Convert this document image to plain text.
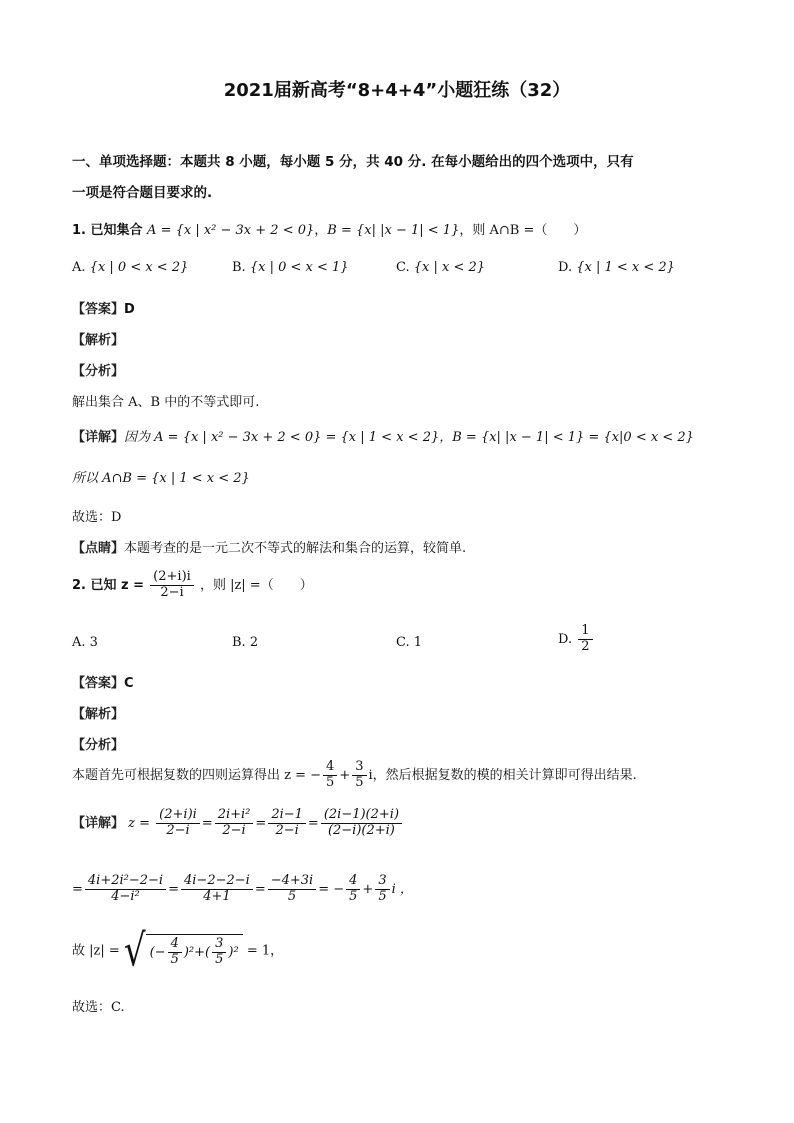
2021届新高考“8+4+4”小题狂练（32）
一、单项选择题：本题共 8 小题，每小题 5 分，共 40 分. 在每小题给出的四个选项中，只有
一项是符合题目要求的.
1. 已知集合 A = {x | x² − 3x + 2 < 0}，B = {x| |x − 1| < 1}，则 A∩B =（　　）
A. {x | 0 < x < 2}	B. {x | 0 < x < 1}	C. {x | x < 2}	D. {x | 1 < x < 2}
【答案】D
【解析】
【分析】
解出集合 A、B 中的不等式即可.
【详解】因为 A = {x | x² − 3x + 2 < 0} = {x | 1 < x < 2}，B = {x| |x − 1| < 1} = {x|0 < x < 2}
所以 A∩B = {x | 1 < x < 2}
故选：D
【点睛】本题考查的是一元二次不等式的解法和集合的运算，较简单.
2. 已知 $z = \frac{(2+i)i}{2-i}$ ，则 |z| =（　　）
A. 3	B. 2	C. 1	D. $\frac{1}{2}$
【答案】C
【解析】
【分析】
本题首先可根据复数的四则运算得出 z = − $\frac{4}{5} + \frac{3}{5}$ i，然后根据复数的模的相关计算即可得出结果.
【详解】 $z = \frac{(2+i)i}{2-i} = \frac{\text{2i+i²}}{2-i} = \frac{2i-1}{2-i} = \frac{(2i-1)(2+i)}{(2-i)(2+i)}$
= $\frac{\text{4i+2i²−2−i}}{\text{4−i²}} = \frac{4i-2-2-i}{4+1} = \frac{-4+3i}{5}$ = − $\frac{4}{5} + \frac{3}{5}$ i ，
故 |z| = √ (− $\frac{4}{5} )^2+( \frac{3}{5} )^2 = 1$，
故选：C.
